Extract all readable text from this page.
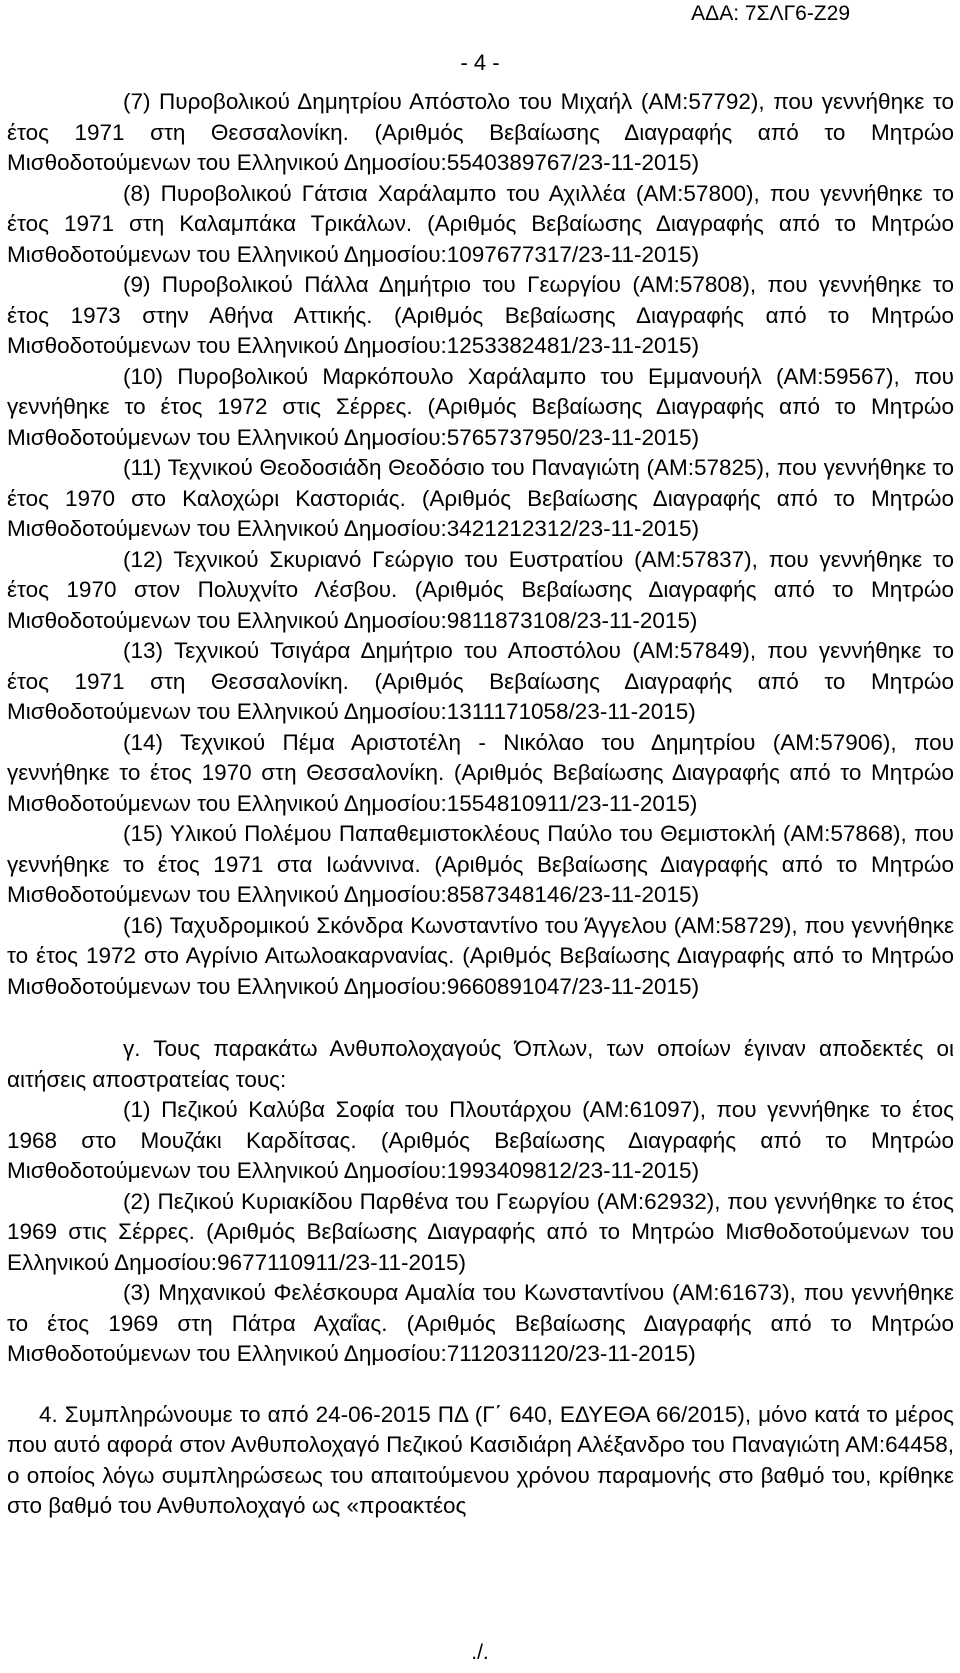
ΑΔΑ: 7ΣΛΓ6-Ζ29
- 4 -

(7) Πυροβολικού Δημητρίου Απόστολο του Μιχαήλ (ΑΜ:57792), που γεννήθηκε το έτος 1971 στη Θεσσαλονίκη. (Αριθμός Βεβαίωσης Διαγραφής από το Μητρώο Μισθοδοτούμενων του Ελληνικού Δημοσίου:5540389767/23-11-2015)

(8) Πυροβολικού Γάτσια Χαράλαμπο του Αχιλλέα (ΑΜ:57800), που γεννήθηκε το έτος 1971 στη Καλαμπάκα Τρικάλων. (Αριθμός Βεβαίωσης Διαγραφής από το Μητρώο Μισθοδοτούμενων του Ελληνικού Δημοσίου:1097677317/23-11-2015)

(9) Πυροβολικού Πάλλα Δημήτριο του Γεωργίου (ΑΜ:57808), που γεννήθηκε το έτος 1973 στην Αθήνα Αττικής. (Αριθμός Βεβαίωσης Διαγραφής από το Μητρώο Μισθοδοτούμενων του Ελληνικού Δημοσίου:1253382481/23-11-2015)

(10) Πυροβολικού Μαρκόπουλο Χαράλαμπο του Εμμανουήλ (ΑΜ:59567), που γεννήθηκε το έτος 1972 στις Σέρρες. (Αριθμός Βεβαίωσης Διαγραφής από το Μητρώο Μισθοδοτούμενων του Ελληνικού Δημοσίου:5765737950/23-11-2015)

(11) Τεχνικού Θεοδοσιάδη Θεοδόσιο του Παναγιώτη (ΑΜ:57825), που γεννήθηκε το έτος 1970 στο Καλοχώρι Καστοριάς. (Αριθμός Βεβαίωσης Διαγραφής από το Μητρώο Μισθοδοτούμενων του Ελληνικού Δημοσίου:3421212312/23-11-2015)

(12) Τεχνικού Σκυριανό Γεώργιο του Ευστρατίου (ΑΜ:57837), που γεννήθηκε το έτος 1970 στον Πολυχνίτο Λέσβου. (Αριθμός Βεβαίωσης Διαγραφής από το Μητρώο Μισθοδοτούμενων του Ελληνικού Δημοσίου:9811873108/23-11-2015)

(13) Τεχνικού Τσιγάρα Δημήτριο του Αποστόλου (ΑΜ:57849), που γεννήθηκε το έτος 1971 στη Θεσσαλονίκη. (Αριθμός Βεβαίωσης Διαγραφής από το Μητρώο Μισθοδοτούμενων του Ελληνικού Δημοσίου:1311171058/23-11-2015)

(14) Τεχνικού Πέμα Αριστοτέλη - Νικόλαο του Δημητρίου (ΑΜ:57906), που γεννήθηκε το έτος 1970 στη Θεσσαλονίκη. (Αριθμός Βεβαίωσης Διαγραφής από το Μητρώο Μισθοδοτούμενων του Ελληνικού Δημοσίου:1554810911/23-11-2015)

(15) Υλικού Πολέμου Παπαθεμιστοκλέους Παύλο του Θεμιστοκλή (ΑΜ:57868), που γεννήθηκε το έτος 1971 στα Ιωάννινα. (Αριθμός Βεβαίωσης Διαγραφής από το Μητρώο Μισθοδοτούμενων του Ελληνικού Δημοσίου:8587348146/23-11-2015)

(16) Ταχυδρομικού Σκόνδρα Κωνσταντίνο του Άγγελου (ΑΜ:58729), που γεννήθηκε το έτος 1972 στο Αγρίνιο Αιτωλοακαρνανίας. (Αριθμός Βεβαίωσης Διαγραφής από το Μητρώο Μισθοδοτούμενων του Ελληνικού Δημοσίου:9660891047/23-11-2015)

γ. Τους παρακάτω Ανθυπολοχαγούς Όπλων, των οποίων έγιναν αποδεκτές οι αιτήσεις αποστρατείας τους:

(1) Πεζικού Καλύβα Σοφία του Πλουτάρχου (ΑΜ:61097), που γεννήθηκε το έτος 1968 στο Μουζάκι Καρδίτσας. (Αριθμός Βεβαίωσης Διαγραφής από το Μητρώο Μισθοδοτούμενων του Ελληνικού Δημοσίου:1993409812/23-11-2015)

(2) Πεζικού Κυριακίδου Παρθένα του Γεωργίου (ΑΜ:62932), που γεννήθηκε το έτος 1969 στις Σέρρες. (Αριθμός Βεβαίωσης Διαγραφής από το Μητρώο Μισθοδοτούμενων του Ελληνικού Δημοσίου:9677110911/23-11-2015)

(3) Μηχανικού Φελέσκουρα Αμαλία του Κωνσταντίνου (ΑΜ:61673), που γεννήθηκε το έτος 1969 στη Πάτρα Αχαΐας. (Αριθμός Βεβαίωσης Διαγραφής από το Μητρώο Μισθοδοτούμενων του Ελληνικού Δημοσίου:7112031120/23-11-2015)

4. Συμπληρώνουμε το από 24-06-2015 ΠΔ (Γ΄ 640, ΕΔΥΕΘΑ 66/2015), μόνο κατά το μέρος που αυτό αφορά στον Ανθυπολοχαγό Πεζικού Κασιδιάρη Αλέξανδρο του Παναγιώτη ΑΜ:64458, ο οποίος λόγω συμπληρώσεως του απαιτούμενου χρόνου παραμονής στο βαθμό του, κρίθηκε στο βαθμό του Ανθυπολοχαγό ως «προακτέος

./.
